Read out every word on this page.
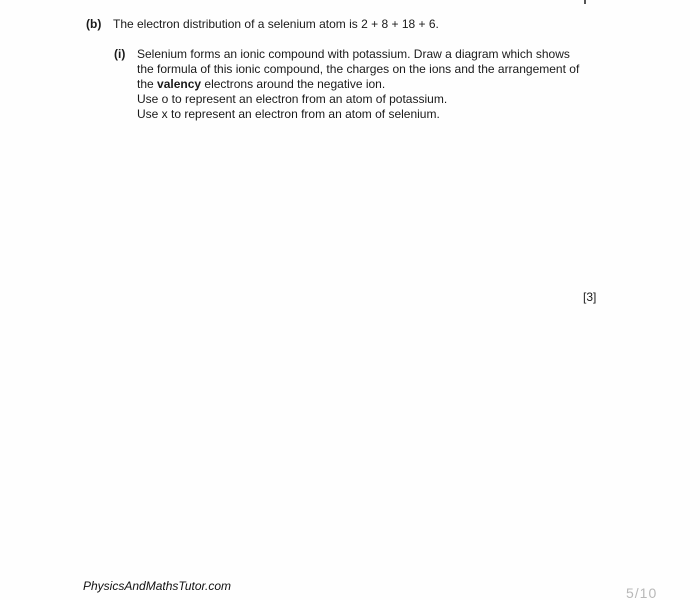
(b) The electron distribution of a selenium atom is 2 + 8 + 18 + 6.
(i) Selenium forms an ionic compound with potassium. Draw a diagram which shows
the formula of this ionic compound, the charges on the ions and the arrangement of
the valency electrons around the negative ion.
Use o to represent an electron from an atom of potassium.
Use x to represent an electron from an atom of selenium.
[3]
PhysicsAndMathsTutor.com	5/10
